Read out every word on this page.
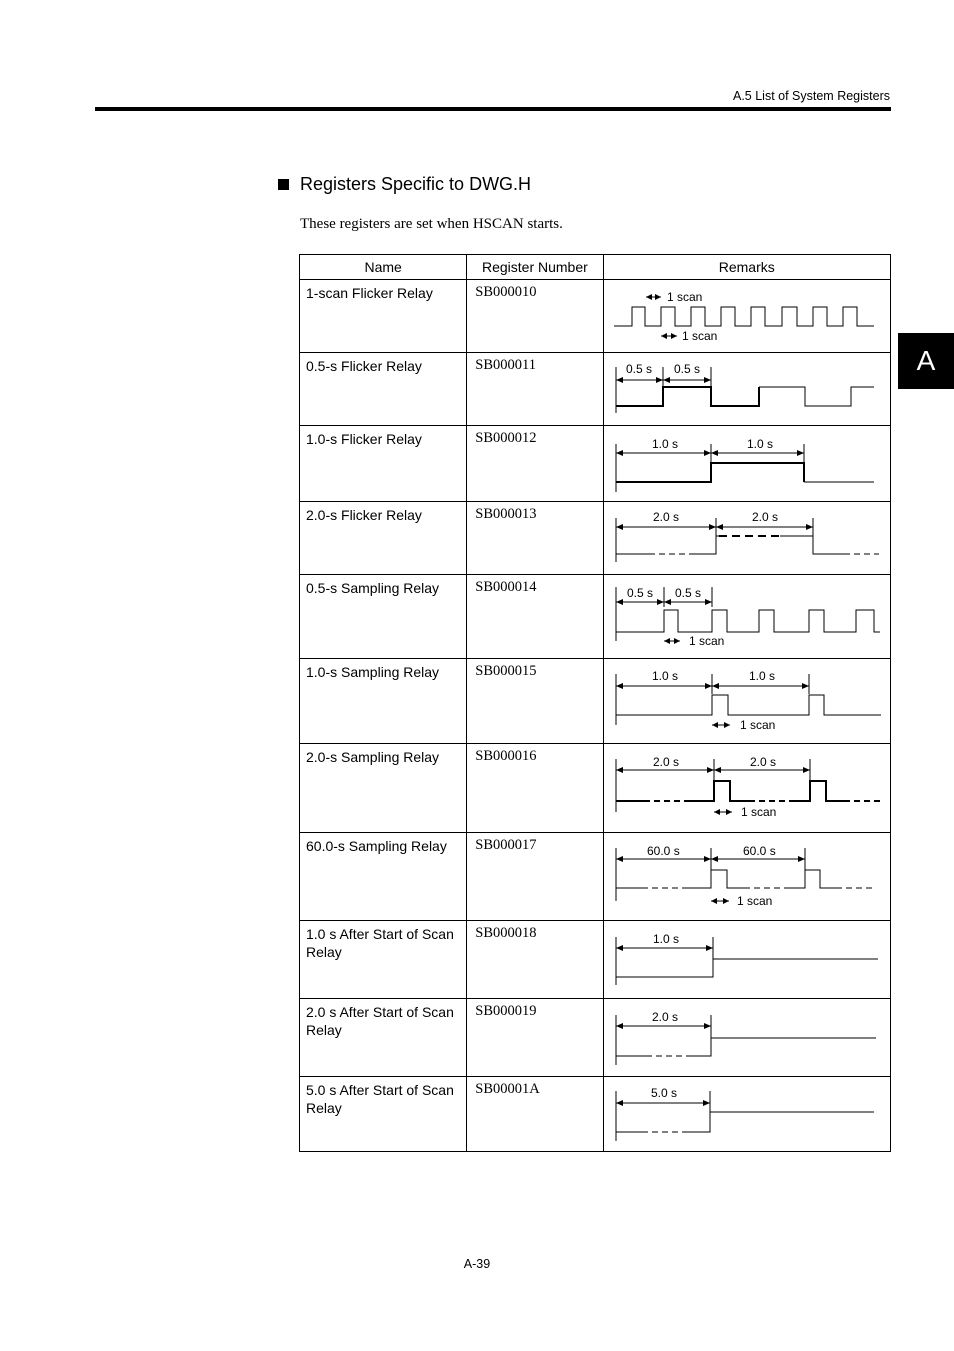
A.5 List of System Registers
A
Registers Specific to DWG.H
These registers are set when HSCAN starts.
Name	Register Number	Remarks
1-scan Flicker Relay	SB000010	1 scan
1 scan

0.5-s Flicker Relay	SB000011	0.5 s 0.5 s

1.0-s Flicker Relay	SB000012	1.0 s 1.0 s

2.0-s Flicker Relay	SB000013	2.0 s 2.0 s

0.5-s Sampling Relay	SB000014	0.5 s 0.5 s
1 scan

1.0-s Sampling Relay	SB000015	1.0 s 1.0 s
1 scan

2.0-s Sampling Relay	SB000016	2.0 s 2.0 s
1 scan

60.0-s Sampling Relay	SB000017	60.0 s 60.0 s
1 scan

1.0 s After Start of Scan Relay	SB000018	1.0 s

2.0 s After Start of Scan Relay	SB000019	2.0 s

5.0 s After Start of Scan Relay	SB00001A	5.0 s
A-39
